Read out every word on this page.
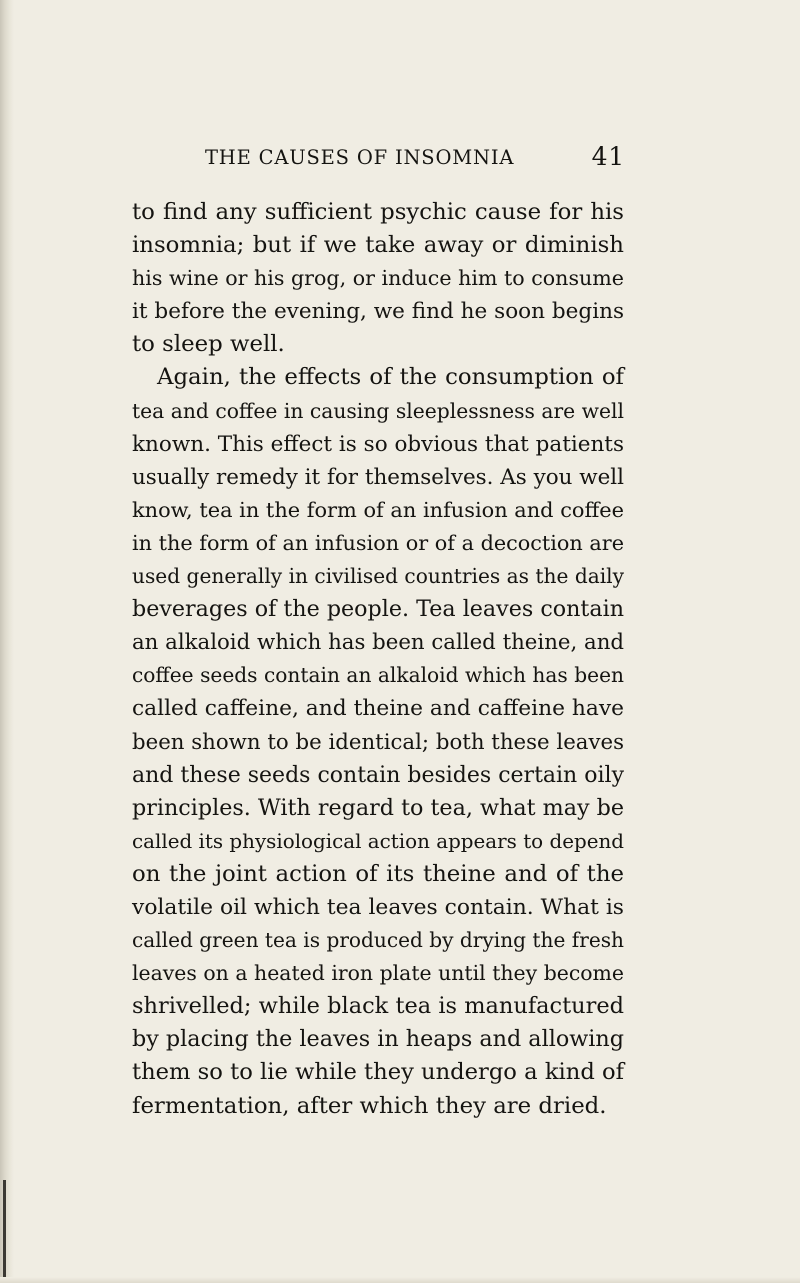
THE CAUSES OF INSOMNIA	41

to find any sufficient psychic cause for his
insomnia; but if we take away or diminish
his wine or his grog, or induce him to consume
it before the evening, we find he soon begins
to sleep well.

Again, the effects of the consumption of
tea and coffee in causing sleeplessness are well
known. This effect is so obvious that patients
usually remedy it for themselves. As you well
know, tea in the form of an infusion and coffee
in the form of an infusion or of a decoction are
used generally in civilised countries as the daily
beverages of the people. Tea leaves contain
an alkaloid which has been called theine, and
coffee seeds contain an alkaloid which has been
called caffeine, and theine and caffeine have
been shown to be identical; both these leaves
and these seeds contain besides certain oily
principles. With regard to tea, what may be
called its physiological action appears to depend
on the joint action of its theine and of the
volatile oil which tea leaves contain. What is
called green tea is produced by drying the fresh
leaves on a heated iron plate until they become
shrivelled; while black tea is manufactured
by placing the leaves in heaps and allowing
them so to lie while they undergo a kind of
fermentation, after which they are dried.
